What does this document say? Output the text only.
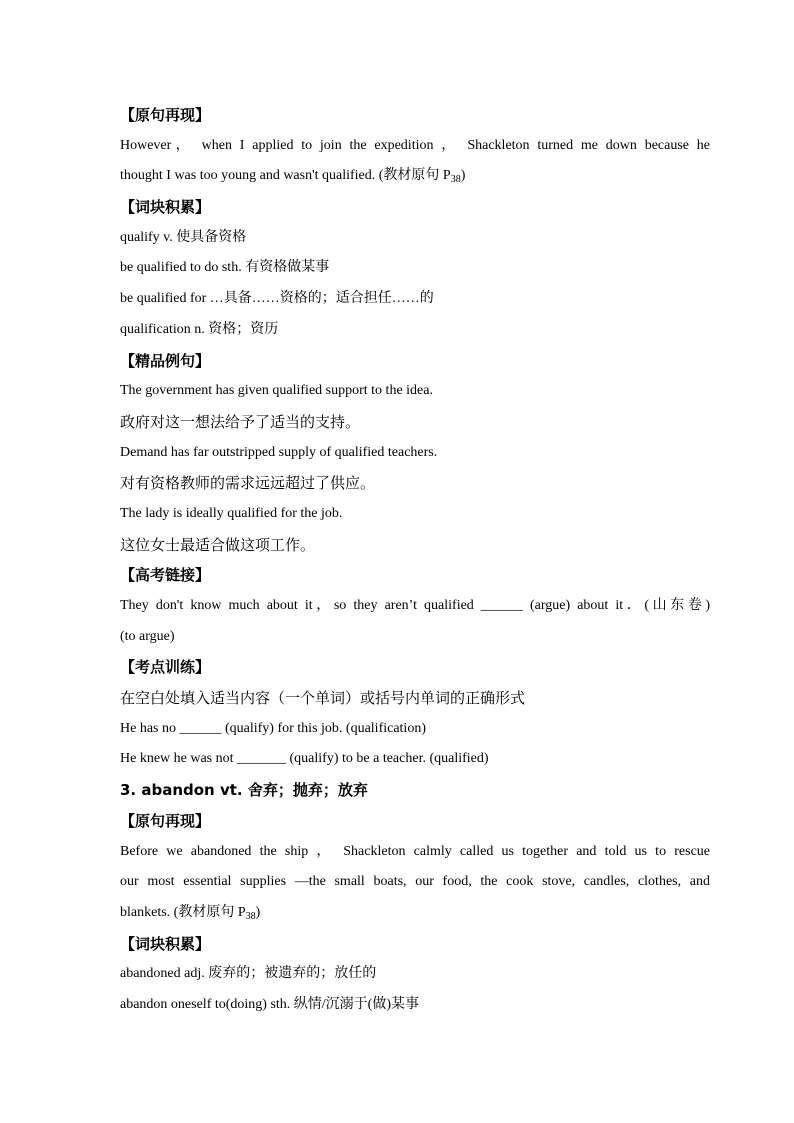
【原句再现】
However， when I applied to join the expedition ， Shackleton turned me down because he
thought I was too young and wasn't qualified. (教材原句 $P_{38}$)
【词块积累】
qualify v. 使具备资格
be qualified to do sth. 有资格做某事
be qualified for …具备……资格的；适合担任……的
qualification n. 资格；资历
【精品例句】
The government has given qualified support to the idea.
政府对这一想法给予了适当的支持。
Demand has far outstripped supply of qualified teachers.
对有资格教师的需求远远超过了供应。
The lady is ideally qualified for the job.
这位女士最适合做这项工作。
【高考链接】
They don't know much about it，so they aren’t qualified ______ (argue) about it．(山东卷)
(to argue)
【考点训练】
在空白处填入适当内容（一个单词）或括号内单词的正确形式
He has no ______ (qualify) for this job. (qualification)
He knew he was not _______ (qualify) to be a teacher. (qualified)
3. abandon vt. 舍弃；抛弃；放弃
【原句再现】
Before we abandoned the ship ， Shackleton calmly called us together and told us to rescue
our most essential supplies —the small boats, our food, the cook stove, candles, clothes, and
blankets. (教材原句 $P_{38}$)
【词块积累】
abandoned adj. 废弃的；被遗弃的；放任的
abandon oneself to(doing) sth. 纵情/沉溺于(做)某事
